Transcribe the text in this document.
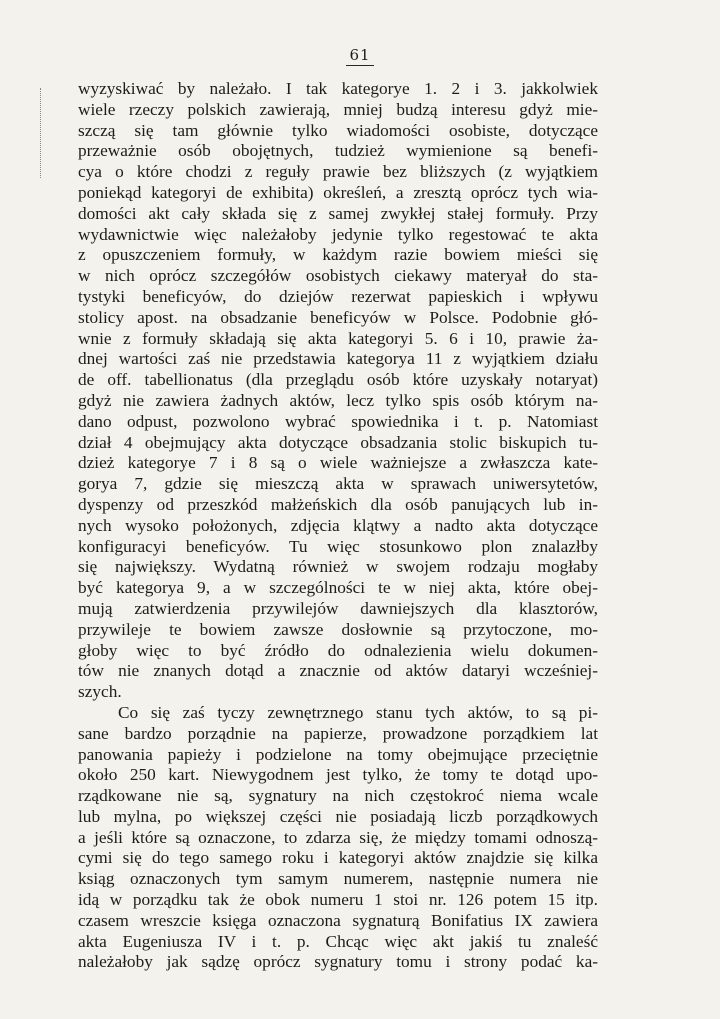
61
wyzyskiwać by należało. I tak kategorye 1. 2 i 3. jakkolwiek
wiele rzeczy polskich zawierają, mniej budzą interesu gdyż mie-
szczą się tam głównie tylko wiadomości osobiste, dotyczące
przeważnie osób obojętnych, tudzież wymienione są benefi-
cya o które chodzi z reguły prawie bez bliższych (z wyjątkiem
poniekąd kategoryi de exhibita) określeń, a zresztą oprócz tych wia-
domości akt cały składa się z samej zwykłej stałej formuły. Przy
wydawnictwie więc należałoby jedynie tylko regestować te akta
z opuszczeniem formuły, w każdym razie bowiem mieści się
w nich oprócz szczegółów osobistych ciekawy materyał do sta-
tystyki beneficyów, do dziejów rezerwat papieskich i wpływu
stolicy apost. na obsadzanie beneficyów w Polsce. Podobnie głó-
wnie z formuły składają się akta kategoryi 5. 6 i 10, prawie ża-
dnej wartości zaś nie przedstawia kategorya 11 z wyjątkiem działu
de off. tabellionatus (dla przeglądu osób które uzyskały notaryat)
gdyż nie zawiera żadnych aktów, lecz tylko spis osób którym na-
dano odpust, pozwolono wybrać spowiednika i t. p. Natomiast
dział 4 obejmujący akta dotyczące obsadzania stolic biskupich tu-
dzież kategorye 7 i 8 są o wiele ważniejsze a zwłaszcza kate-
gorya 7, gdzie się mieszczą akta w sprawach uniwersytetów,
dyspenzy od przeszkód małżeńskich dla osób panujących lub in-
nych wysoko położonych, zdjęcia klątwy a nadto akta dotyczące
konfiguracyi beneficyów. Tu więc stosunkowo plon znalazłby
się największy. Wydatną również w swojem rodzaju mogłaby
być kategorya 9, a w szczególności te w niej akta, które obej-
mują zatwierdzenia przywilejów dawniejszych dla klasztorów,
przywileje te bowiem zawsze dosłownie są przytoczone, mo-
głoby więc to być źródło do odnalezienia wielu dokumen-
tów nie znanych dotąd a znacznie od aktów dataryi wcześniej-
szych.
Co się zaś tyczy zewnętrznego stanu tych aktów, to są pi-
sane bardzo porządnie na papierze, prowadzone porządkiem lat
panowania papieży i podzielone na tomy obejmujące przeciętnie
około 250 kart. Niewygodnem jest tylko, że tomy te dotąd upo-
rządkowane nie są, sygnatury na nich częstokroć niema wcale
lub mylna, po większej części nie posiadają liczb porządkowych
a jeśli które są oznaczone, to zdarza się, że między tomami odnoszą-
cymi się do tego samego roku i kategoryi aktów znajdzie się kilka
ksiąg oznaczonych tym samym numerem, następnie numera nie
idą w porządku tak że obok numeru 1 stoi nr. 126 potem 15 itp.
czasem wreszcie księga oznaczona sygnaturą Bonifatius IX zawiera
akta Eugeniusza IV i t. p. Chcąc więc akt jakiś tu znaleść
należałoby jak sądzę oprócz sygnatury tomu i strony podać ka-
